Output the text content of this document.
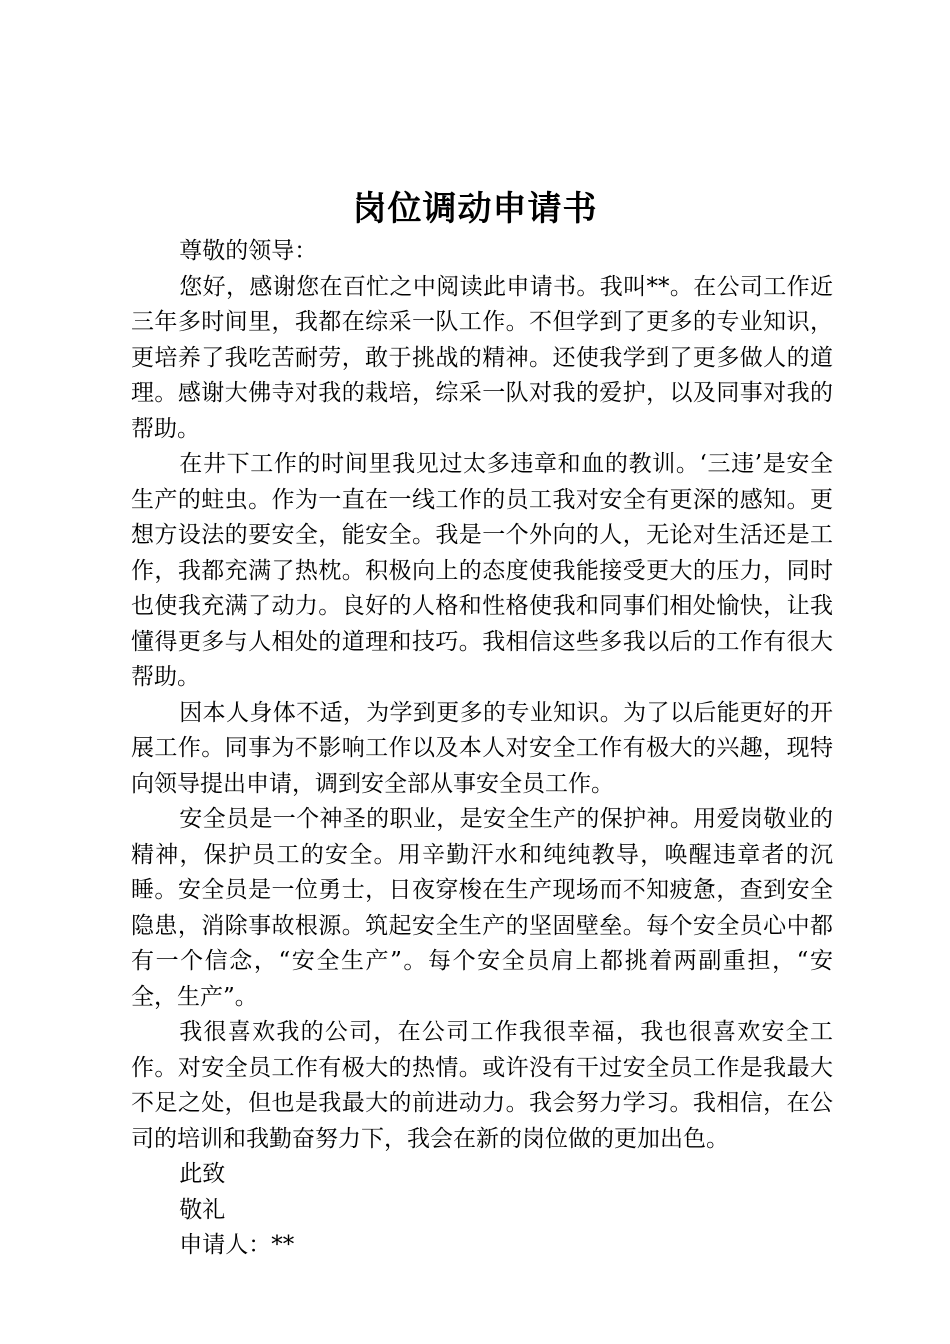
岗位调动申请书

尊敬的领导：

您好，感谢您在百忙之中阅读此申请书。我叫**。在公司工作近三年多时间里，我都在综采一队工作。不但学到了更多的专业知识，更培养了我吃苦耐劳，敢于挑战的精神。还使我学到了更多做人的道理。感谢大佛寺对我的栽培，综采一队对我的爱护，以及同事对我的帮助。

在井下工作的时间里我见过太多违章和血的教训。‘三违’是安全生产的蛀虫。作为一直在一线工作的员工我对安全有更深的感知。更想方设法的要安全，能安全。我是一个外向的人，无论对生活还是工作，我都充满了热枕。积极向上的态度使我能接受更大的压力，同时也使我充满了动力。良好的人格和性格使我和同事们相处愉快，让我懂得更多与人相处的道理和技巧。我相信这些多我以后的工作有很大帮助。

因本人身体不适，为学到更多的专业知识。为了以后能更好的开展工作。同事为不影响工作以及本人对安全工作有极大的兴趣，现特向领导提出申请，调到安全部从事安全员工作。

安全员是一个神圣的职业，是安全生产的保护神。用爱岗敬业的精神，保护员工的安全。用辛勤汗水和纯纯教导，唤醒违章者的沉睡。安全员是一位勇士，日夜穿梭在生产现场而不知疲惫，查到安全隐患，消除事故根源。筑起安全生产的坚固壁垒。每个安全员心中都有一个信念，“安全生产”。每个安全员肩上都挑着两副重担，“安全，生产”。

我很喜欢我的公司，在公司工作我很幸福，我也很喜欢安全工作。对安全员工作有极大的热情。或许没有干过安全员工作是我最大不足之处，但也是我最大的前进动力。我会努力学习。我相信，在公司的培训和我勤奋努力下，我会在新的岗位做的更加出色。

此致

敬礼

申请人：**
